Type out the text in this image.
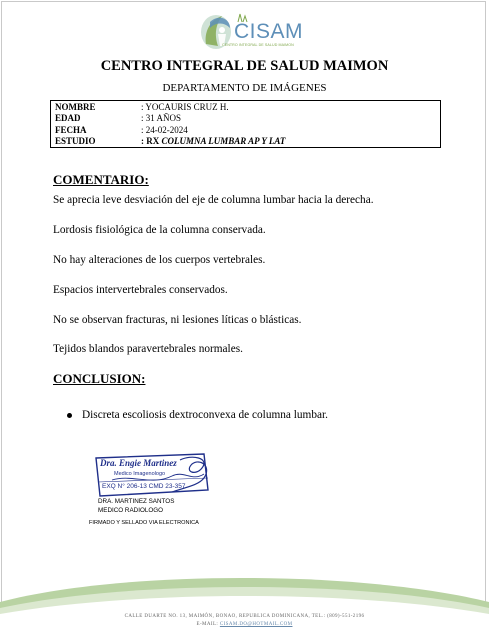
CISAM
CENTRO INTEGRAL DE SALUD MAIMON
CENTRO INTEGRAL DE SALUD MAIMON
DEPARTAMENTO DE IMÁGENES
NOMBRE	: YOCAURIS CRUZ H.
EDAD	: 31 AÑOS
FECHA	: 24-02-2024
ESTUDIO	: RX COLUMNA LUMBAR AP Y LAT
COMENTARIO:
Se aprecia leve desviación del eje de columna lumbar hacia la derecha.
Lordosis fisiológica de la columna conservada.
No hay alteraciones de los cuerpos vertebrales.
Espacios intervertebrales conservados.
No se observan fracturas, ni lesiones líticas o blásticas.
Tejidos blandos paravertebrales normales.
CONCLUSION:
Discreta escoliosis dextroconvexa de columna lumbar.
Dra. Engie Martinez
Medico Imagenologo
EXQ N° 206-13 CMD 23-357
DRA. MARTINEZ SANTOS
MEDICO RADIOLOGO
FIRMADO Y SELLADO VIA ELECTRONICA
CALLE DUARTE NO. 13, MAIMÓN, BONAO, REPUBLICA DOMINICANA, TEL.: (809)-551-2196
E-MAIL: CISAM.DO@HOTMAIL.COM
